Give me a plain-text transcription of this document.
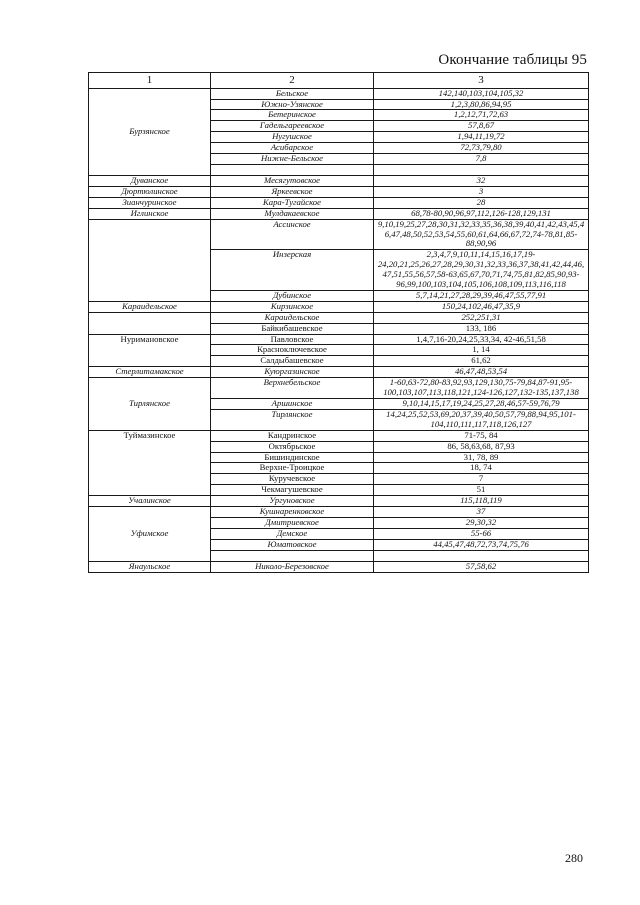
Окончание таблицы 95
1	2	3
Бурзянское	Бельское	142,140,103,104,105,32
	Южно-Узянское	1,2,3,80,86,94,95
	Бетеринское	1,2,12,71,72,63
	Гадельгареевское	57,8,67
	Нугушское	1,94,11,19,72
	Асибарское	72,73,79,80
	Нижне-Бельское	7,8

Дуванское	Месягутовское	32
Дюртюлинское	Яркеевское	3
Зианчуринское	Кара-Тугайское	28
Иглинское	Мулдакаевское	68,78-80,90,96,97,112,126-128,129,131
	Ассинское	9,10,19,25,27,28,30,31,32,33,35,36,38,39,40,41,42,43,45,46,47,48,50,52,53,54,55,60,61,64,66,67,72,74-78,81,85-88,90,96
	Инзерская	2,3,4,7,9,10,11,14,15,16,17,19-24,20,21,25,26,27,28,29,30,31,32,33,36,37,38,41,42,44,46,47,51,55,56,57,58-63,65,67,70,71,74,75,81,82,85,90,93-96,99,100,103,104,105,106,108,109,113,116,118
	Дубинское	5,7,14,21,27,28,29,39,46,47,55,77,91
Караидельское	Кирзинское	150,24,102,46,47,35,9
	Караидельское	252,251,31
	Байкибашевское	133, 186
Нуримановское	Павловское	1,4,7,16-20,24,25,33,34, 42-46,51,58
	Красноключевское	1, 14
	Салдыбашевское	61,62
Стерлитамакское	Куюргазинское	46,47,48,53,54
Тирлянское	Верхнебельское	1-60,63-72,80-83,92,93,129,130,75-79,84,87-91,95-100,103,107,113,118,121,124-126,127,132-135,137,138
	Аршинское	9,10,14,15,17,19,24,25,27,28,46,57-59,76,79
	Тирлянское	14,24,25,52,53,69,20,37,39,40,50,57,79,88,94,95,101-104,110,111,117,118,126,127
Туймазинское	Кандринское	71-75, 84
	Октябрьское	86, 58,63,68, 87,93
	Бишиндинское	31, 78, 89
	Верхне-Троицкое	18, 74
	Куручевское	7
	Чекмагушевское	51
Учалинское	Ургуновское	115,118,119
Уфимское	Кушнаренковское	37
	Дмитриевское	29,30,32
	Демское	55-66
	Юматовское	44,45,47,48,72,73,74,75,76

Янаульское	Николо-Березовское	57,58,62
280
